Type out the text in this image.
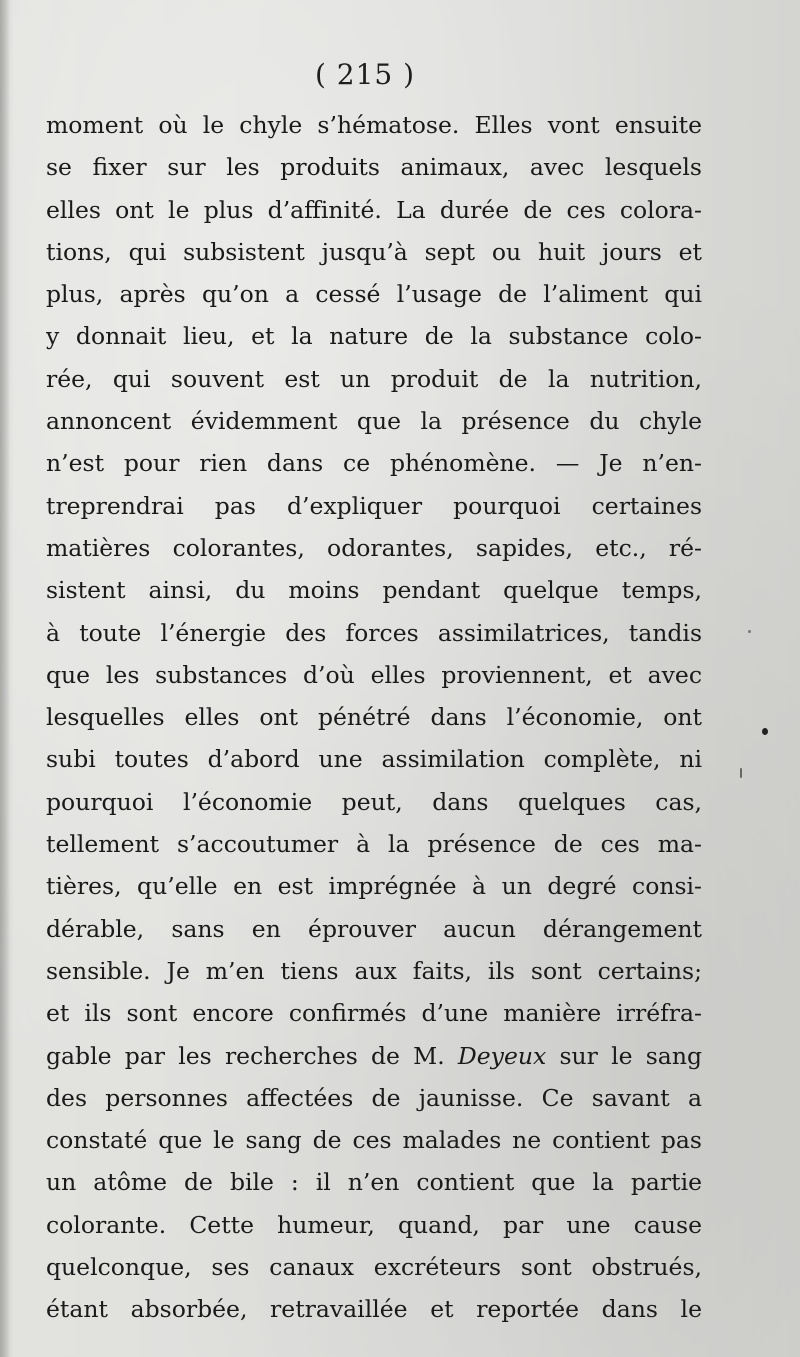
( 215 )
moment où le chyle s’hématose. Elles vont ensuite
se fixer sur les produits animaux, avec lesquels
elles ont le plus d’affinité. La durée de ces colora-
tions, qui subsistent jusqu’à sept ou huit jours et
plus, après qu’on a cessé l’usage de l’aliment qui
y donnait lieu, et la nature de la substance colo-
rée, qui souvent est un produit de la nutrition,
annoncent évidemment que la présence du chyle
n’est pour rien dans ce phénomène. — Je n’en-
treprendrai pas d’expliquer pourquoi certaines
matières colorantes, odorantes, sapides, etc., ré-
sistent ainsi, du moins pendant quelque temps,
à toute l’énergie des forces assimilatrices, tandis
que les substances d’où elles proviennent, et avec
lesquelles elles ont pénétré dans l’économie, ont
subi toutes d’abord une assimilation complète, ni
pourquoi l’économie peut, dans quelques cas,
tellement s’accoutumer à la présence de ces ma-
tières, qu’elle en est imprégnée à un degré consi-
dérable, sans en éprouver aucun dérangement
sensible. Je m’en tiens aux faits, ils sont certains;
et ils sont encore confirmés d’une manière irréfra-
gable par les recherches de M. Deyeux sur le sang
des personnes affectées de jaunisse. Ce savant a
constaté que le sang de ces malades ne contient pas
un atôme de bile : il n’en contient que la partie
colorante. Cette humeur, quand, par une cause
quelconque, ses canaux excréteurs sont obstrués,
étant absorbée, retravaillée et reportée dans le
